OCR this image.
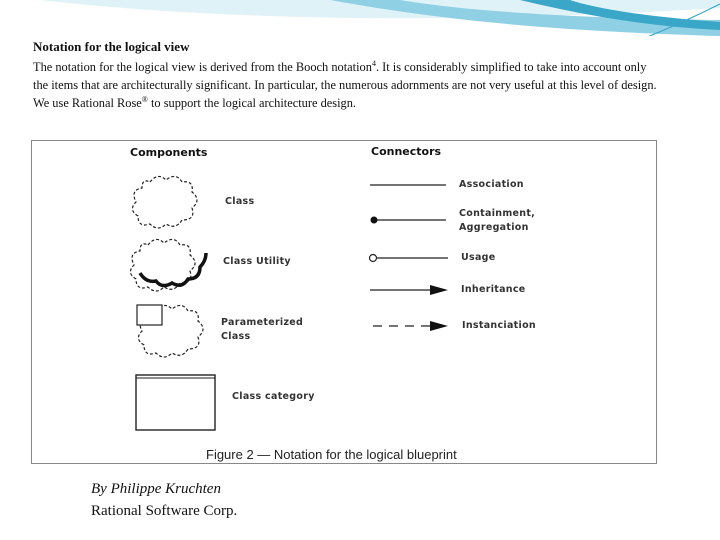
Notation for the logical view
The notation for the logical view is derived from the Booch notation$^4$. It is considerably simplified to take into account only the items that are architecturally significant. In particular, the numerous adornments are not very useful at this level of design. We use Rational Rose® to support the logical architecture design.
Components	Connectors
Class
Class Utility
Parameterized Class
Class category
Association
Containment, Aggregation
Usage
Inheritance
Instanciation
Figure 2 — Notation for the logical blueprint
By Philippe Kruchten
Rational Software Corp.
